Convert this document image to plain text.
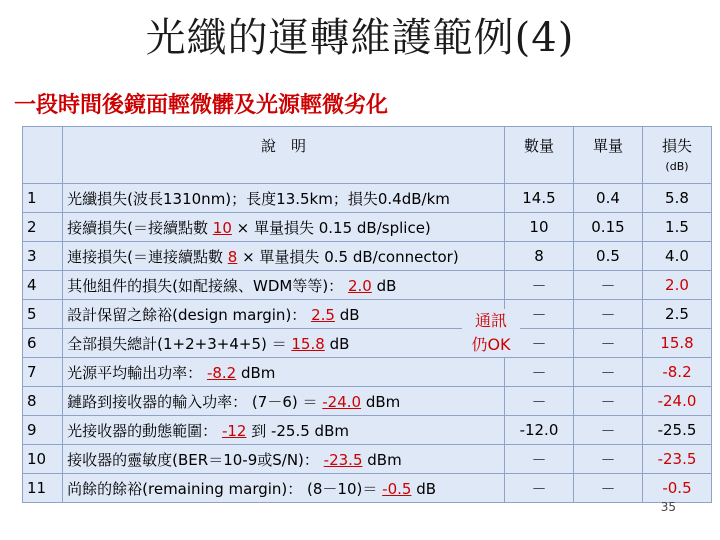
光纖的運轉維護範例(4)
一段時間後鏡面輕微髒及光源輕微劣化
	說　明	數量	單量	損失
(dB)

1	光纖損失(波長1310nm)；長度13.5km；損失0.4dB/km	14.5	0.4	5.8
2	接續損失(＝接續點數 10 × 單量損失 0.15 dB/splice)	10	0.15	1.5
3	連接損失(＝連接續點數 8 × 單量損失 0.5 dB/connector)	8	0.5	4.0
4	其他組件的損失(如配接線、WDM等等)： 2.0 dB	－	－	2.0
5	設計保留之餘裕(design margin)： 2.5 dB	－	－	2.5
6	全部損失總計(1+2+3+4+5) ＝ 15.8 dB	－	－	15.8
7	光源平均輸出功率： -8.2 dBm	－	－	-8.2
8	鏈路到接收器的輸入功率： (7－6) ＝ -24.0 dBm	－	－	-24.0
9	光接收器的動態範圍： -12 到 -25.5 dBm	-12.0	－	-25.5
10	接收器的靈敏度(BER＝10-9或S/N)： -23.5 dBm	－	－	-23.5
11	尚餘的餘裕(remaining margin)： (8－10)＝ -0.5 dB	－	－	-0.5
通訊
仍OK
35
